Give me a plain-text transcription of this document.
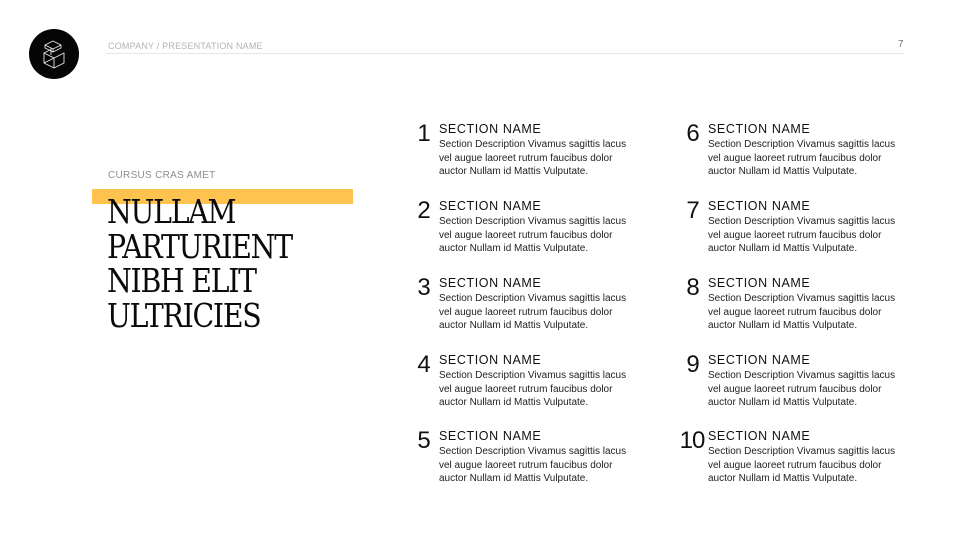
COMPANY / PRESENTATION NAME	7
CURSUS CRAS AMET
NULLAM
PARTURIENT
NIBH ELIT
ULTRICIES
1 SECTION NAME
Section Description Vivamus sagittis lacus vel augue laoreet rutrum faucibus dolor auctor Nullam id Mattis Vulputate.
2 SECTION NAME
Section Description Vivamus sagittis lacus vel augue laoreet rutrum faucibus dolor auctor Nullam id Mattis Vulputate.
3 SECTION NAME
Section Description Vivamus sagittis lacus vel augue laoreet rutrum faucibus dolor auctor Nullam id Mattis Vulputate.
4 SECTION NAME
Section Description Vivamus sagittis lacus vel augue laoreet rutrum faucibus dolor auctor Nullam id Mattis Vulputate.
5 SECTION NAME
Section Description Vivamus sagittis lacus vel augue laoreet rutrum faucibus dolor auctor Nullam id Mattis Vulputate.
6 SECTION NAME
Section Description Vivamus sagittis lacus vel augue laoreet rutrum faucibus dolor auctor Nullam id Mattis Vulputate.
7 SECTION NAME
Section Description Vivamus sagittis lacus vel augue laoreet rutrum faucibus dolor auctor Nullam id Mattis Vulputate.
8 SECTION NAME
Section Description Vivamus sagittis lacus vel augue laoreet rutrum faucibus dolor auctor Nullam id Mattis Vulputate.
9 SECTION NAME
Section Description Vivamus sagittis lacus vel augue laoreet rutrum faucibus dolor auctor Nullam id Mattis Vulputate.
10 SECTION NAME
Section Description Vivamus sagittis lacus vel augue laoreet rutrum faucibus dolor auctor Nullam id Mattis Vulputate.
